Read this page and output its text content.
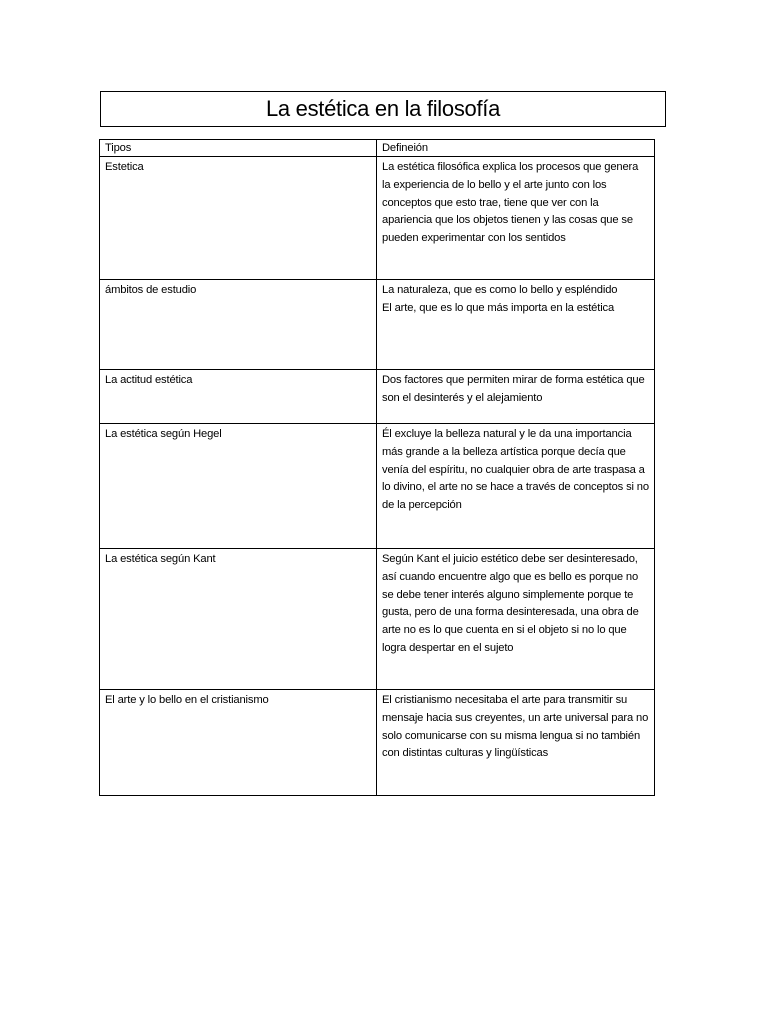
La estética en la filosofía
Tipos	Defineión
Estetica	La estética filosófica explica los procesos que genera la experiencia de lo bello y el arte junto con los conceptos que esto trae, tiene que ver con la apariencia que los objetos tienen y las cosas que se pueden experimentar con los sentidos

ámbitos de estudio	La naturaleza, que es como lo bello y espléndido
El arte, que es lo que más importa en la estética

La actitud estética	Dos factores que permiten mirar de forma estética que son el desinterés y el alejamiento

La estética según Hegel	Él excluye la belleza natural y le da una importancia más grande a la belleza artística porque decía que venía del espíritu, no cualquier obra de arte traspasa a lo divino, el arte no se hace a través de conceptos si no de la percepción

La estética según Kant	Según Kant el juicio estético debe ser desinteresado, así cuando encuentre algo que es bello es porque no se debe tener interés alguno simplemente porque te gusta, pero de una forma desinteresada, una obra de arte no es lo que cuenta en si el objeto si no lo que logra despertar en el sujeto

El arte y lo bello en el cristianismo	El cristianismo necesitaba el arte para transmitir su mensaje hacia sus creyentes, un arte universal para no solo comunicarse con su misma lengua si no también con distintas culturas y lingüísticas
